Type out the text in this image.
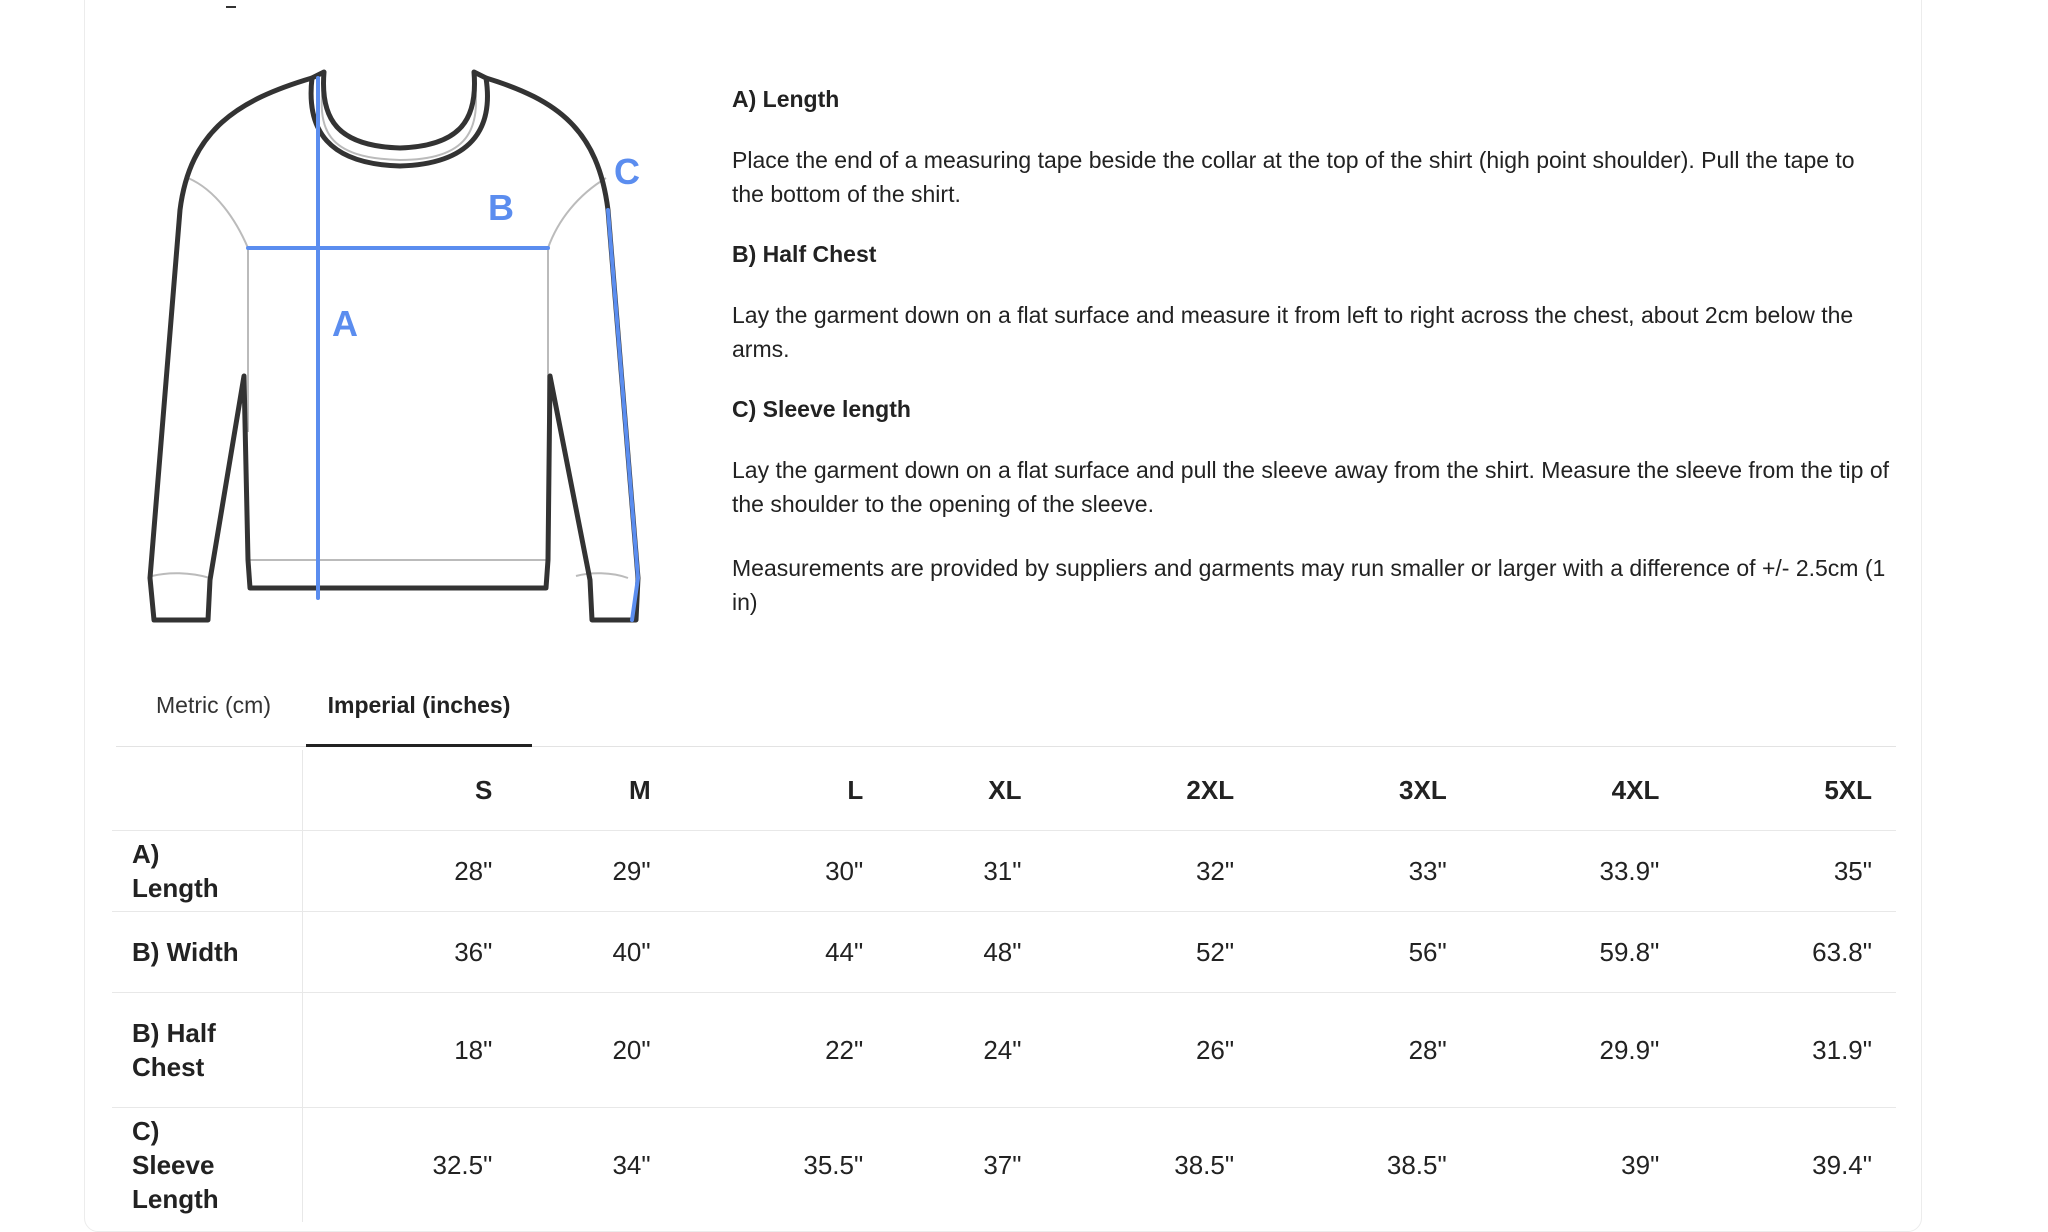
A
B
C
A) Length

Place the end of a measuring tape beside the collar at the top of the shirt (high point shoulder). Pull the tape to the bottom of the shirt.

B) Half Chest

Lay the garment down on a flat surface and measure it from left to right across the chest, about 2cm below the arms.

C) Sleeve length

Lay the garment down on a flat surface and pull the sleeve away from the shirt. Measure the sleeve from the tip of the shoulder to the opening of the sleeve.

Measurements are provided by suppliers and garments may run smaller or larger with a difference of +/- 2.5cm (1 in)

Metric (cm)	Imperial (inches)
	S	M	L	XL	2XL	3XL	4XL	5XL
A) Length	28"	29"	30"	31"	32"	33"	33.9"	35"
B) Width	36"	40"	44"	48"	52"	56"	59.8"	63.8"
B) Half Chest	18"	20"	22"	24"	26"	28"	29.9"	31.9"
C) Sleeve Length	32.5"	34"	35.5"	37"	38.5"	38.5"	39"	39.4"
